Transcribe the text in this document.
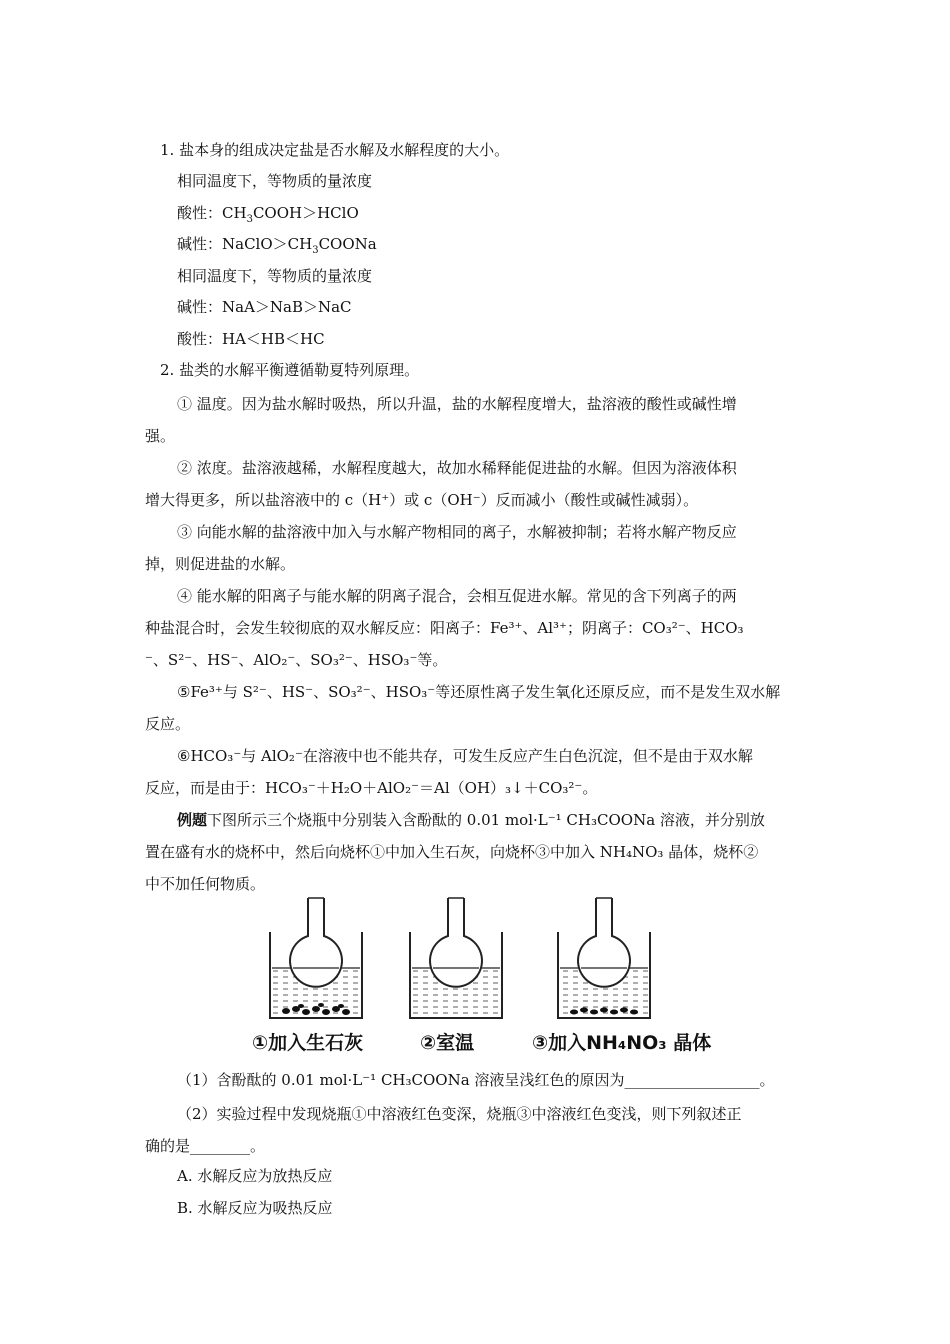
1. 盐本身的组成决定盐是否水解及水解程度的大小。
相同温度下，等物质的量浓度
酸性：$CH_3COOH>HClO$
碱性：$NaClO>CH_3COONa$
相同温度下，等物质的量浓度
碱性：NaA＞NaB＞NaC
酸性：HA＜HB＜HC
2. 盐类的水解平衡遵循勒夏特列原理。
① 温度。因为盐水解时吸热，所以升温，盐的水解程度增大，盐溶液的酸性或碱性增
强。
② 浓度。盐溶液越稀，水解程度越大，故加水稀释能促进盐的水解。但因为溶液体积
增大得更多，所以盐溶液中的 c（H⁺）或 c（OH⁻）反而减小（酸性或碱性减弱）。
③ 向能水解的盐溶液中加入与水解产物相同的离子，水解被抑制；若将水解产物反应
掉，则促进盐的水解。
④ 能水解的阳离子与能水解的阴离子混合，会相互促进水解。常见的含下列离子的两
种盐混合时，会发生较彻底的双水解反应：阳离子：Fe³⁺、Al³⁺；阴离子：CO₃²⁻、HCO₃
⁻、S²⁻、HS⁻、AlO₂⁻、SO₃²⁻、HSO₃⁻等。
⑤Fe³⁺与 S²⁻、HS⁻、SO₃²⁻、HSO₃⁻等还原性离子发生氧化还原反应，而不是发生双水解
反应。
⑥HCO₃⁻与 AlO₂⁻在溶液中也不能共存，可发生反应产生白色沉淀，但不是由于双水解
反应，而是由于：HCO₃⁻＋H₂O＋AlO₂⁻＝Al（OH）₃↓＋CO₃²⁻。
例题下图所示三个烧瓶中分别装入含酚酞的 0.01 mol·L⁻¹ CH₃COONa 溶液，并分别放
置在盛有水的烧杯中，然后向烧杯①中加入生石灰，向烧杯③中加入 NH₄NO₃ 晶体，烧杯②
中不加任何物质。
①加入生石灰	②室温	③加入NH₄NO₃ 晶体
（1）含酚酞的 0.01 mol·L⁻¹ CH₃COONa 溶液呈浅红色的原因为__________________。
（2）实验过程中发现烧瓶①中溶液红色变深，烧瓶③中溶液红色变浅，则下列叙述正
确的是________。
A. 水解反应为放热反应
B. 水解反应为吸热反应
